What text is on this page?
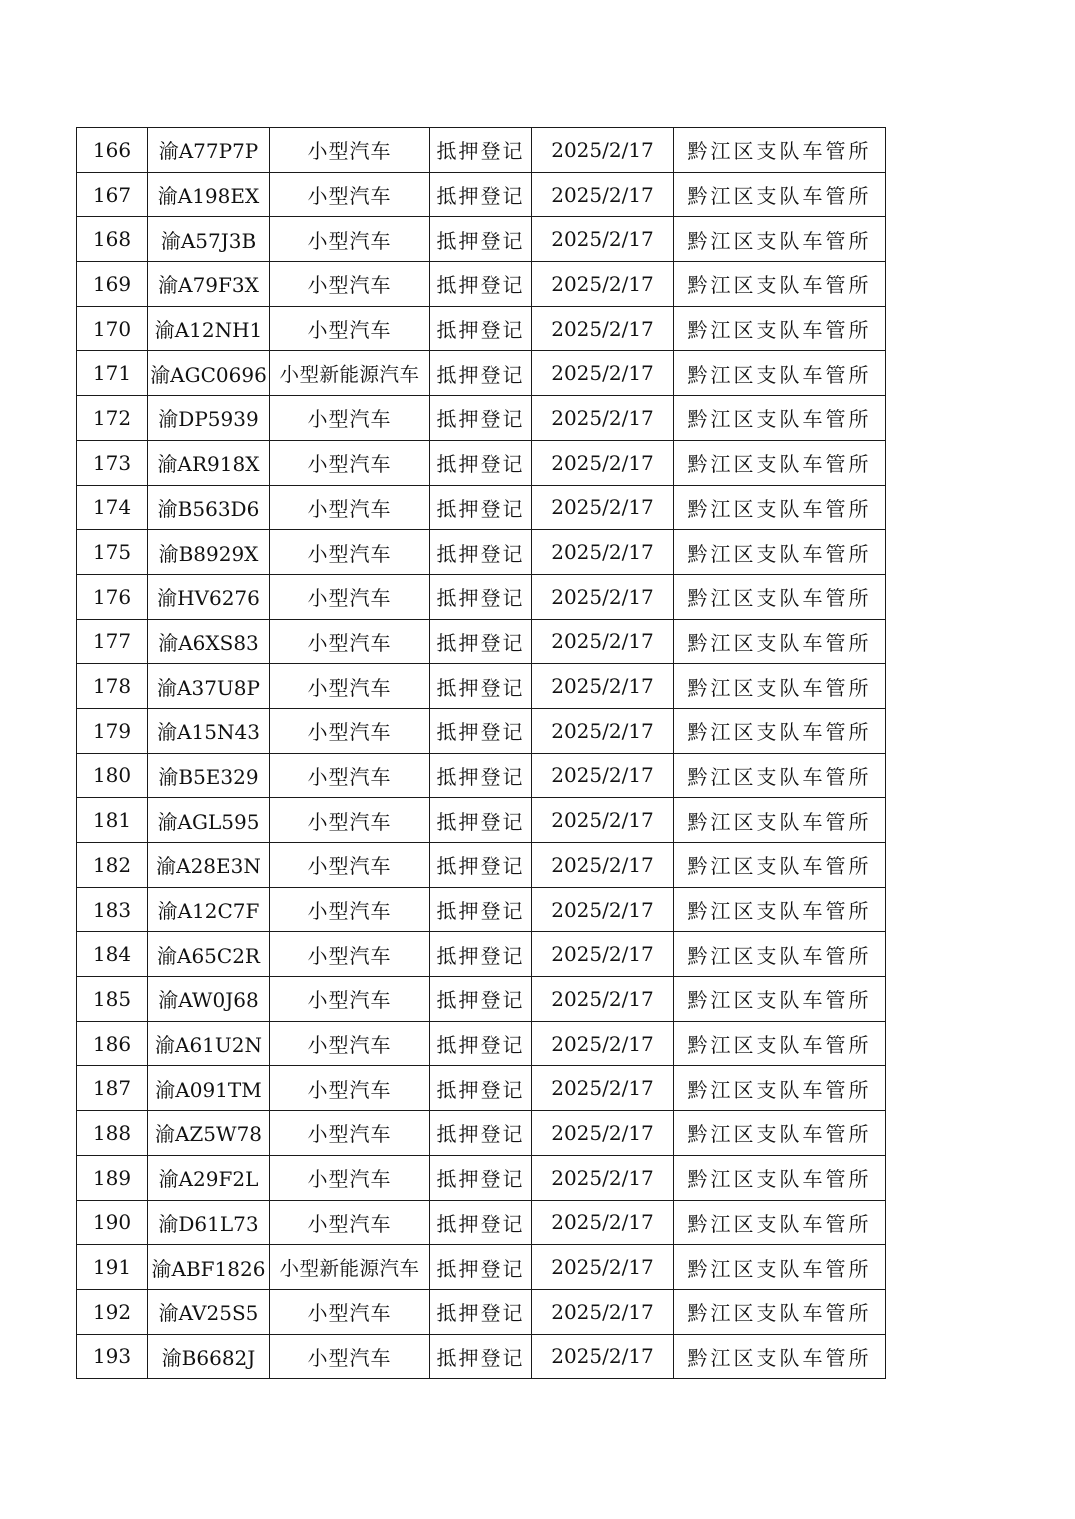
166	渝A77P7P	小型汽车	抵押登记	2025/2/17	黔江区支队车管所
167	渝A198EX	小型汽车	抵押登记	2025/2/17	黔江区支队车管所
168	渝A57J3B	小型汽车	抵押登记	2025/2/17	黔江区支队车管所
169	渝A79F3X	小型汽车	抵押登记	2025/2/17	黔江区支队车管所
170	渝A12NH1	小型汽车	抵押登记	2025/2/17	黔江区支队车管所
171	渝AGC0696	小型新能源汽车	抵押登记	2025/2/17	黔江区支队车管所
172	渝DP5939	小型汽车	抵押登记	2025/2/17	黔江区支队车管所
173	渝AR918X	小型汽车	抵押登记	2025/2/17	黔江区支队车管所
174	渝B563D6	小型汽车	抵押登记	2025/2/17	黔江区支队车管所
175	渝B8929X	小型汽车	抵押登记	2025/2/17	黔江区支队车管所
176	渝HV6276	小型汽车	抵押登记	2025/2/17	黔江区支队车管所
177	渝A6XS83	小型汽车	抵押登记	2025/2/17	黔江区支队车管所
178	渝A37U8P	小型汽车	抵押登记	2025/2/17	黔江区支队车管所
179	渝A15N43	小型汽车	抵押登记	2025/2/17	黔江区支队车管所
180	渝B5E329	小型汽车	抵押登记	2025/2/17	黔江区支队车管所
181	渝AGL595	小型汽车	抵押登记	2025/2/17	黔江区支队车管所
182	渝A28E3N	小型汽车	抵押登记	2025/2/17	黔江区支队车管所
183	渝A12C7F	小型汽车	抵押登记	2025/2/17	黔江区支队车管所
184	渝A65C2R	小型汽车	抵押登记	2025/2/17	黔江区支队车管所
185	渝AW0J68	小型汽车	抵押登记	2025/2/17	黔江区支队车管所
186	渝A61U2N	小型汽车	抵押登记	2025/2/17	黔江区支队车管所
187	渝A091TM	小型汽车	抵押登记	2025/2/17	黔江区支队车管所
188	渝AZ5W78	小型汽车	抵押登记	2025/2/17	黔江区支队车管所
189	渝A29F2L	小型汽车	抵押登记	2025/2/17	黔江区支队车管所
190	渝D61L73	小型汽车	抵押登记	2025/2/17	黔江区支队车管所
191	渝ABF1826	小型新能源汽车	抵押登记	2025/2/17	黔江区支队车管所
192	渝AV25S5	小型汽车	抵押登记	2025/2/17	黔江区支队车管所
193	渝B6682J	小型汽车	抵押登记	2025/2/17	黔江区支队车管所
